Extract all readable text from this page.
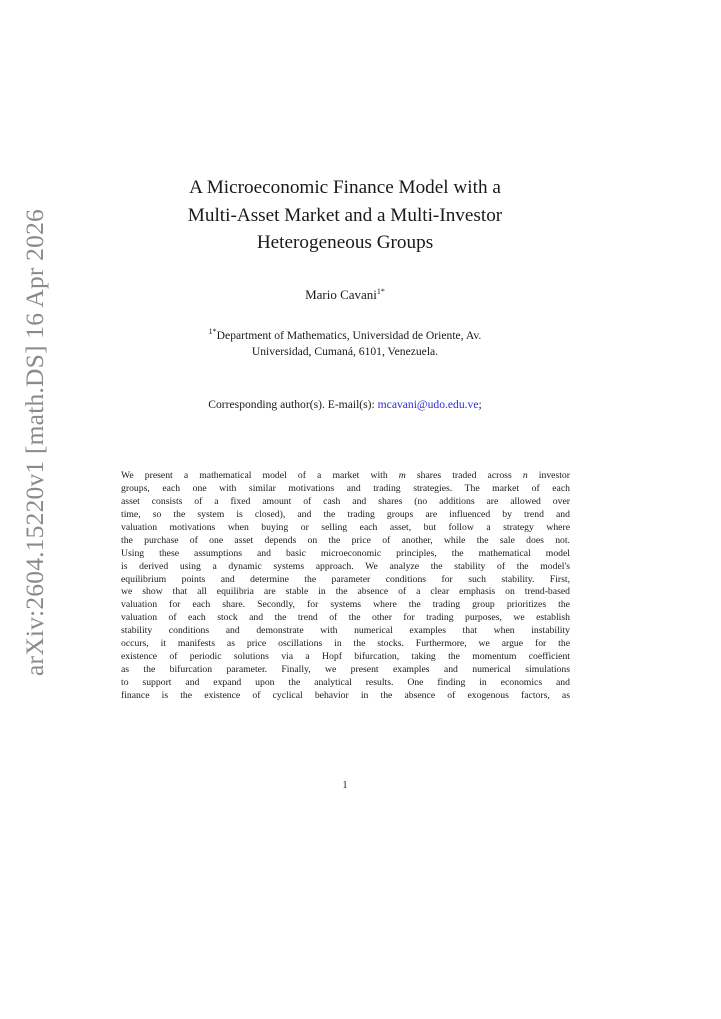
arXiv:2604.15220v1 [math.DS] 16 Apr 2026
A Microeconomic Finance Model with a
Multi-Asset Market and a Multi-Investor
Heterogeneous Groups
Mario Cavani$^{1*}$
$^{1*}$Department of Mathematics, Universidad de Oriente, Av.
Universidad, Cumaná, 6101, Venezuela.
Corresponding author(s). E-mail(s): mcavani@udo.edu.ve;
We present a mathematical model of a market with m shares traded across n investor
groups, each one with similar motivations and trading strategies. The market of each
asset consists of a fixed amount of cash and shares (no additions are allowed over
time, so the system is closed), and the trading groups are influenced by trend and
valuation motivations when buying or selling each asset, but follow a strategy where
the purchase of one asset depends on the price of another, while the sale does not.
Using these assumptions and basic microeconomic principles, the mathematical model
is derived using a dynamic systems approach. We analyze the stability of the model's
equilibrium points and determine the parameter conditions for such stability. First,
we show that all equilibria are stable in the absence of a clear emphasis on trend-based
valuation for each share. Secondly, for systems where the trading group prioritizes the
valuation of each stock and the trend of the other for trading purposes, we establish
stability conditions and demonstrate with numerical examples that when instability
occurs, it manifests as price oscillations in the stocks. Furthermore, we argue for the
existence of periodic solutions via a Hopf bifurcation, taking the momentum coefficient
as the bifurcation parameter. Finally, we present examples and numerical simulations
to support and expand upon the analytical results. One finding in economics and
finance is the existence of cyclical behavior in the absence of exogenous factors, as
1
